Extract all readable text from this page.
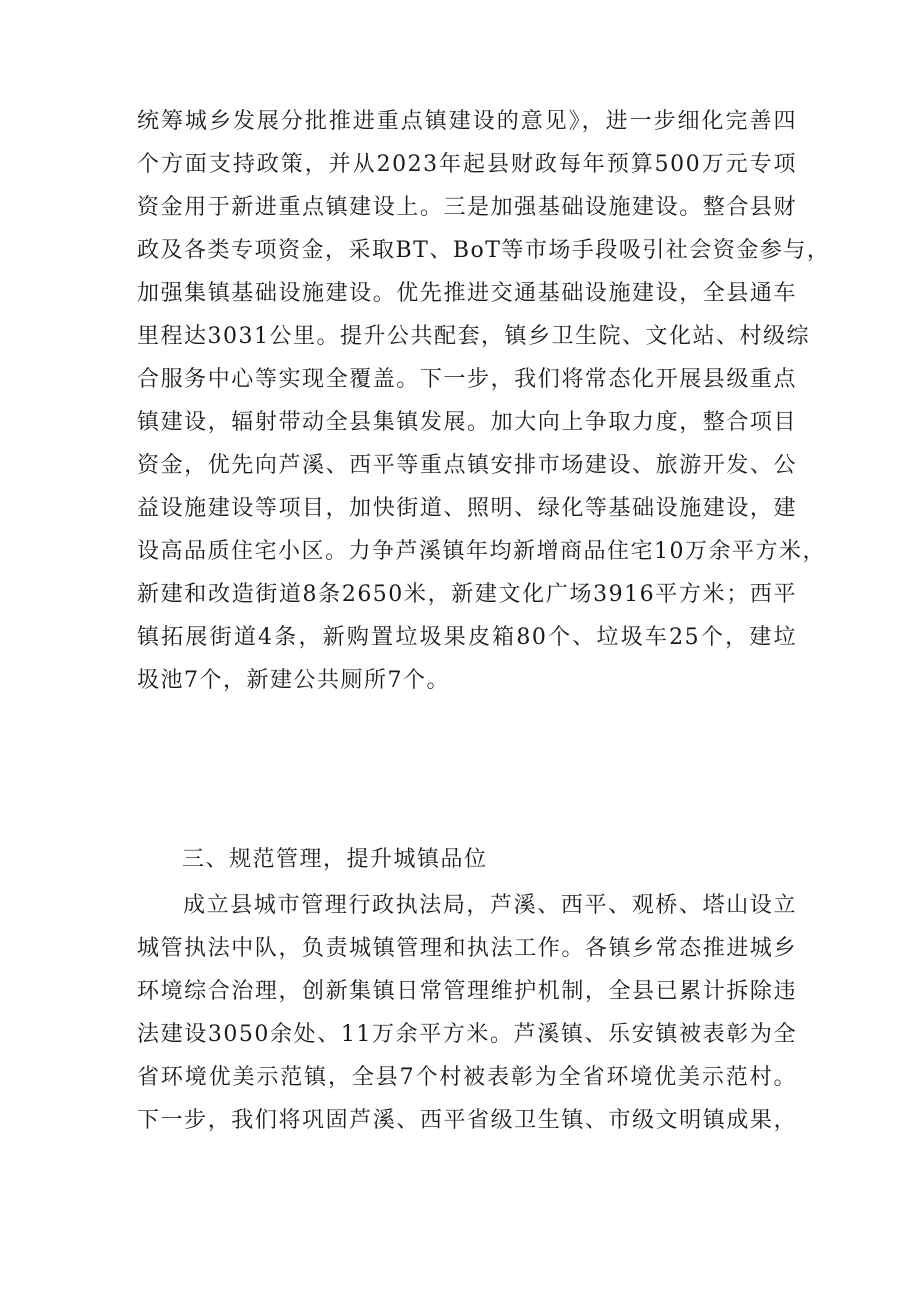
统筹城乡发展分批推进重点镇建设的意见》，进一步细化完善四
个方面支持政策，并从2023年起县财政每年预算500万元专项
资金用于新进重点镇建设上。三是加强基础设施建设。整合县财
政及各类专项资金，采取BT、BoT等市场手段吸引社会资金参与，
加强集镇基础设施建设。优先推进交通基础设施建设，全县通车
里程达3031公里。提升公共配套，镇乡卫生院、文化站、村级综
合服务中心等实现全覆盖。下一步，我们将常态化开展县级重点
镇建设，辐射带动全县集镇发展。加大向上争取力度，整合项目
资金，优先向芦溪、西平等重点镇安排市场建设、旅游开发、公
益设施建设等项目，加快街道、照明、绿化等基础设施建设，建
设高品质住宅小区。力争芦溪镇年均新增商品住宅10万余平方米，
新建和改造街道8条2650米，新建文化广场3916平方米；西平
镇拓展街道4条，新购置垃圾果皮箱80个、垃圾车25个，建垃
圾池7个，新建公共厕所7个。
三、规范管理，提升城镇品位
成立县城市管理行政执法局，芦溪、西平、观桥、塔山设立
城管执法中队，负责城镇管理和执法工作。各镇乡常态推进城乡
环境综合治理，创新集镇日常管理维护机制，全县已累计拆除违
法建设3050余处、11万余平方米。芦溪镇、乐安镇被表彰为全
省环境优美示范镇，全县7个村被表彰为全省环境优美示范村。
下一步，我们将巩固芦溪、西平省级卫生镇、市级文明镇成果，
